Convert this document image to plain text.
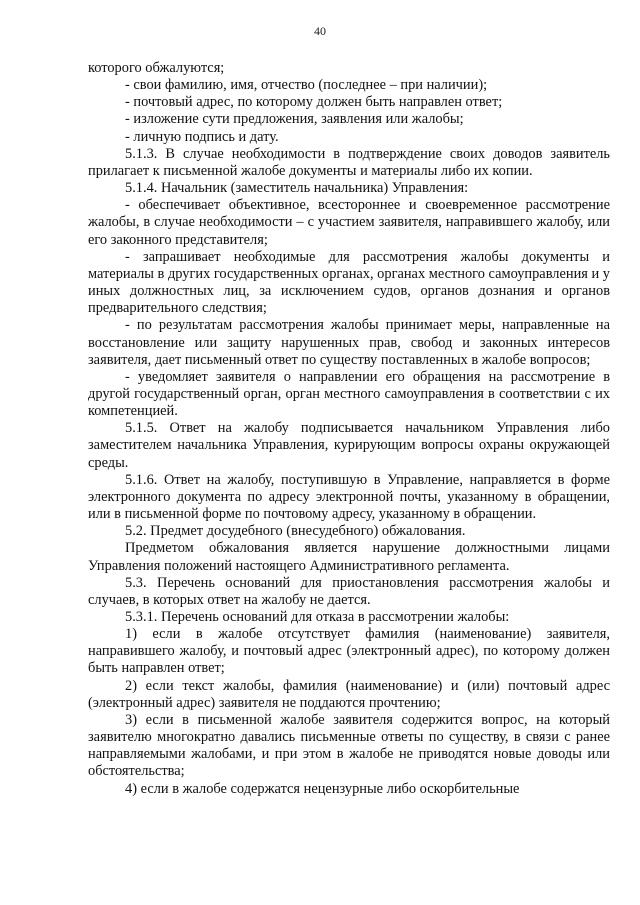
40

которого обжалуются;

- свои фамилию, имя, отчество (последнее – при наличии);

- почтовый адрес, по которому должен быть направлен ответ;

- изложение сути предложения, заявления или жалобы;

- личную подпись и дату.

5.1.3. В случае необходимости в подтверждение своих доводов заявитель прилагает к письменной жалобе документы и материалы либо их копии.

5.1.4. Начальник (заместитель начальника) Управления:

- обеспечивает объективное, всестороннее и своевременное рассмотрение жалобы, в случае необходимости – с участием заявителя, направившего жалобу, или его законного представителя;

- запрашивает необходимые для рассмотрения жалобы документы и материалы в других государственных органах, органах местного самоуправления и у иных должностных лиц, за исключением судов, органов дознания и органов предварительного следствия;

- по результатам рассмотрения жалобы принимает меры, направленные на восстановление или защиту нарушенных прав, свобод и законных интересов заявителя, дает письменный ответ по существу поставленных в жалобе вопросов;

- уведомляет заявителя о направлении его обращения на рассмотрение в другой государственный орган, орган местного самоуправления в соответствии с их компетенцией.

5.1.5. Ответ на жалобу подписывается начальником Управления либо заместителем начальника Управления, курирующим вопросы охраны окружающей среды.

5.1.6. Ответ на жалобу, поступившую в Управление, направляется в форме электронного документа по адресу электронной почты, указанному в обращении, или в письменной форме по почтовому адресу, указанному в обращении.

5.2. Предмет досудебного (внесудебного) обжалования.

Предметом обжалования является нарушение должностными лицами Управления положений настоящего Административного регламента.

5.3. Перечень оснований для приостановления рассмотрения жалобы и случаев, в которых ответ на жалобу не дается.

5.3.1. Перечень оснований для отказа в рассмотрении жалобы:

1) если в жалобе отсутствует фамилия (наименование) заявителя, направившего жалобу, и почтовый адрес (электронный адрес), по которому должен быть направлен ответ;

2) если текст жалобы, фамилия (наименование) и (или) почтовый адрес (электронный адрес) заявителя не поддаются прочтению;

3) если в письменной жалобе заявителя содержится вопрос, на который заявителю многократно давались письменные ответы по существу, в связи с ранее направляемыми жалобами, и при этом в жалобе не приводятся новые доводы или обстоятельства;

4) если в жалобе содержатся нецензурные либо оскорбительные
